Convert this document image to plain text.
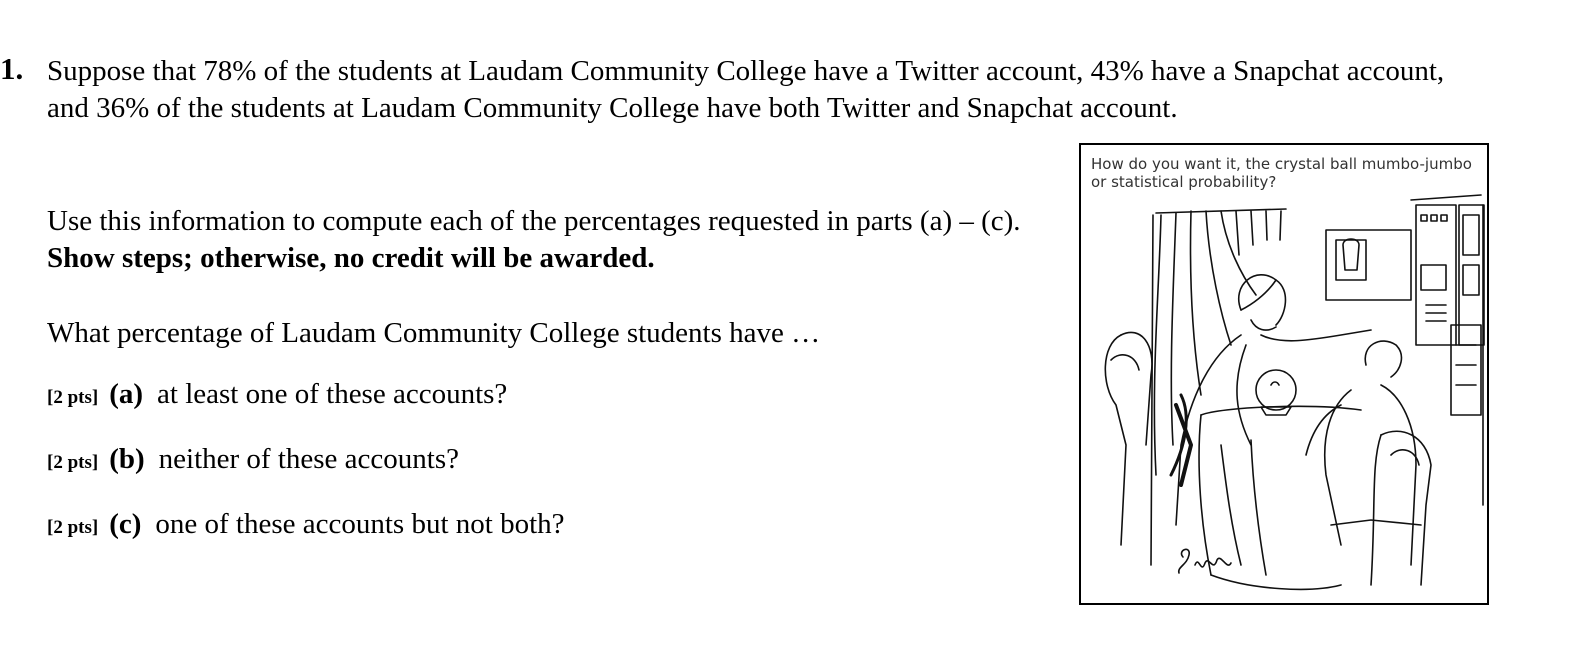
1. Suppose that 78% of the students at Laudam Community College have a Twitter account, 43% have a Snapchat account, and 36% of the students at Laudam Community College have both Twitter and Snapchat account.
Use this information to compute each of the percentages requested in parts (a) – (c).  Show steps; otherwise, no credit will be awarded.
What percentage of Laudam Community College students have …
[2 pts] (a) at least one of these accounts?
[2 pts] (b) neither of these accounts?
[2 pts] (c) one of these accounts but not both?
How do you want it, the crystal ball mumbo-jumbo or statistical probability?
